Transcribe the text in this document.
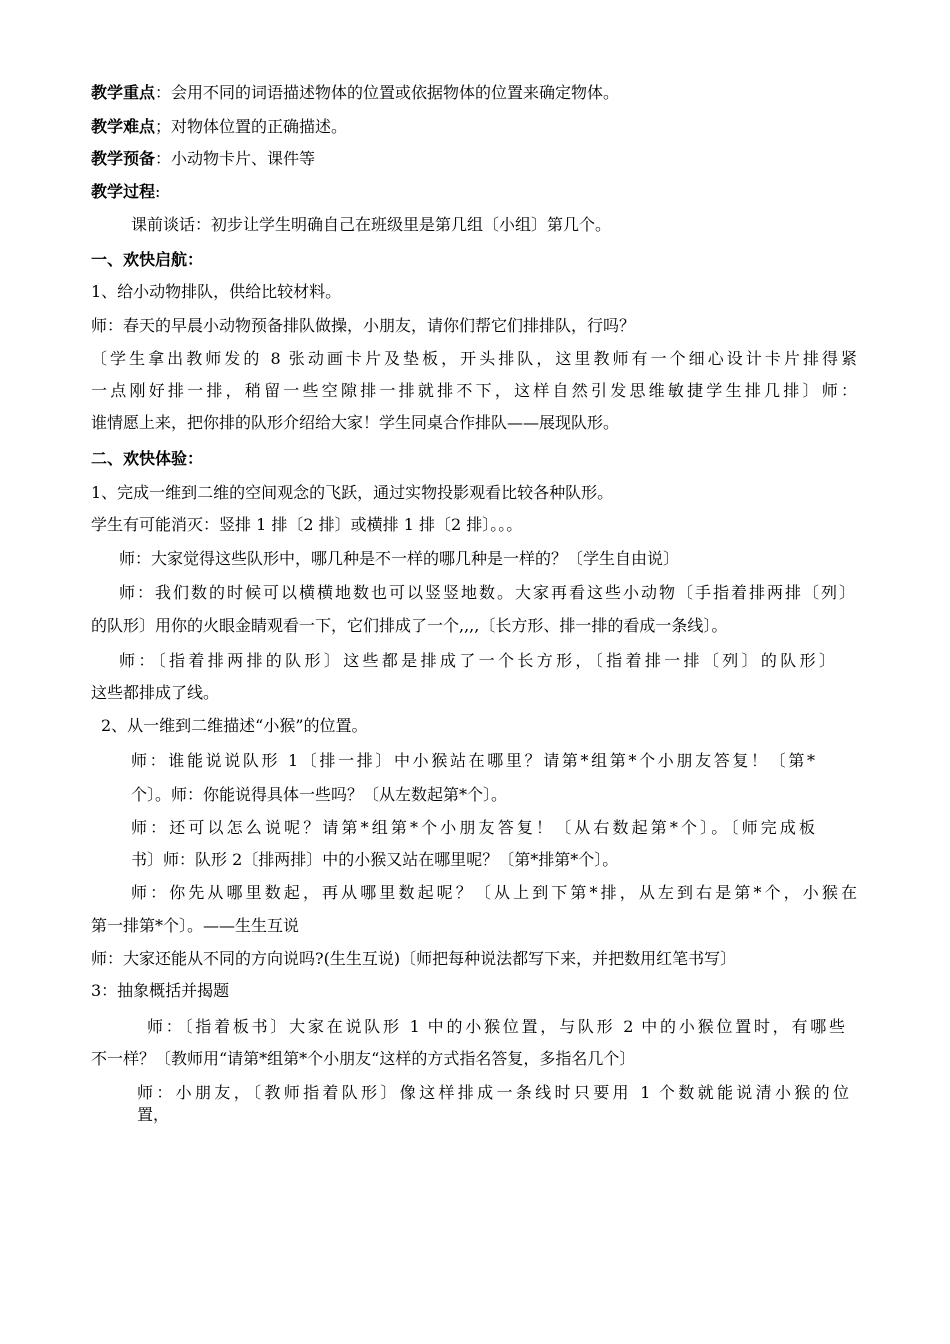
教学重点：会用不同的词语描述物体的位置或依据物体的位置来确定物体。
教学难点；对物体位置的正确描述。
教学预备：小动物卡片、课件等
教学过程:
课前谈话：初步让学生明确自己在班级里是第几组〔小组〕第几个。
一、欢快启航：
1、给小动物排队，供给比较材料。
师：春天的早晨小动物预备排队做操，小朋友，请你们帮它们排排队，行吗？
〔学生拿出教师发的 8 张动画卡片及垫板，开头排队，这里教师有一个细心设计卡片排得紧
一点刚好排一排，稍留一些空隙排一排就排不下，这样自然引发思维敏捷学生排几排〕师：
谁情愿上来，把你排的队形介绍给大家！学生同桌合作排队——展现队形。
二、欢快体验：
1、完成一维到二维的空间观念的飞跃，通过实物投影观看比较各种队形。
学生有可能消灭：竖排 1 排〔2 排〕或横排 1 排〔2 排〕。。。
师：大家觉得这些队形中，哪几种是不一样的哪几种是一样的？〔学生自由说〕
师：我们数的时候可以横横地数也可以竖竖地数。大家再看这些小动物〔手指着排两排〔列〕
的队形〕用你的火眼金睛观看一下，它们排成了一个,,,,〔长方形、排一排的看成一条线〕。
师：〔指着排两排的队形〕这些都是排成了一个长方形，〔指着排一排〔列〕的队形〕
这些都排成了线。
2、从一维到二维描述“小猴”的位置。
师：谁能说说队形 1〔排一排〕中小猴站在哪里？请第*组第*个小朋友答复！〔第*
个〕。师：你能说得具体一些吗？〔从左数起第*个〕。
师：还可以怎么说呢？请第*组第*个小朋友答复！〔从右数起第*个〕。〔师完成板
书〕师：队形 2〔排两排〕中的小猴又站在哪里呢？〔第*排第*个〕。
师：你先从哪里数起，再从哪里数起呢？〔从上到下第*排，从左到右是第*个，小猴在
第一排第*个〕。——生生互说
师：大家还能从不同的方向说吗?(生生互说)〔师把每种说法都写下来，并把数用红笔书写〕
3：抽象概括并揭题
师：〔指着板书〕大家在说队形 1 中的小猴位置，与队形 2 中的小猴位置时，有哪些
不一样？〔教师用“请第*组第*个小朋友“这样的方式指名答复，多指名几个〕
师：小朋友，〔教师指着队形〕像这样排成一条线时只要用 1 个数就能说清小猴的位
置，
